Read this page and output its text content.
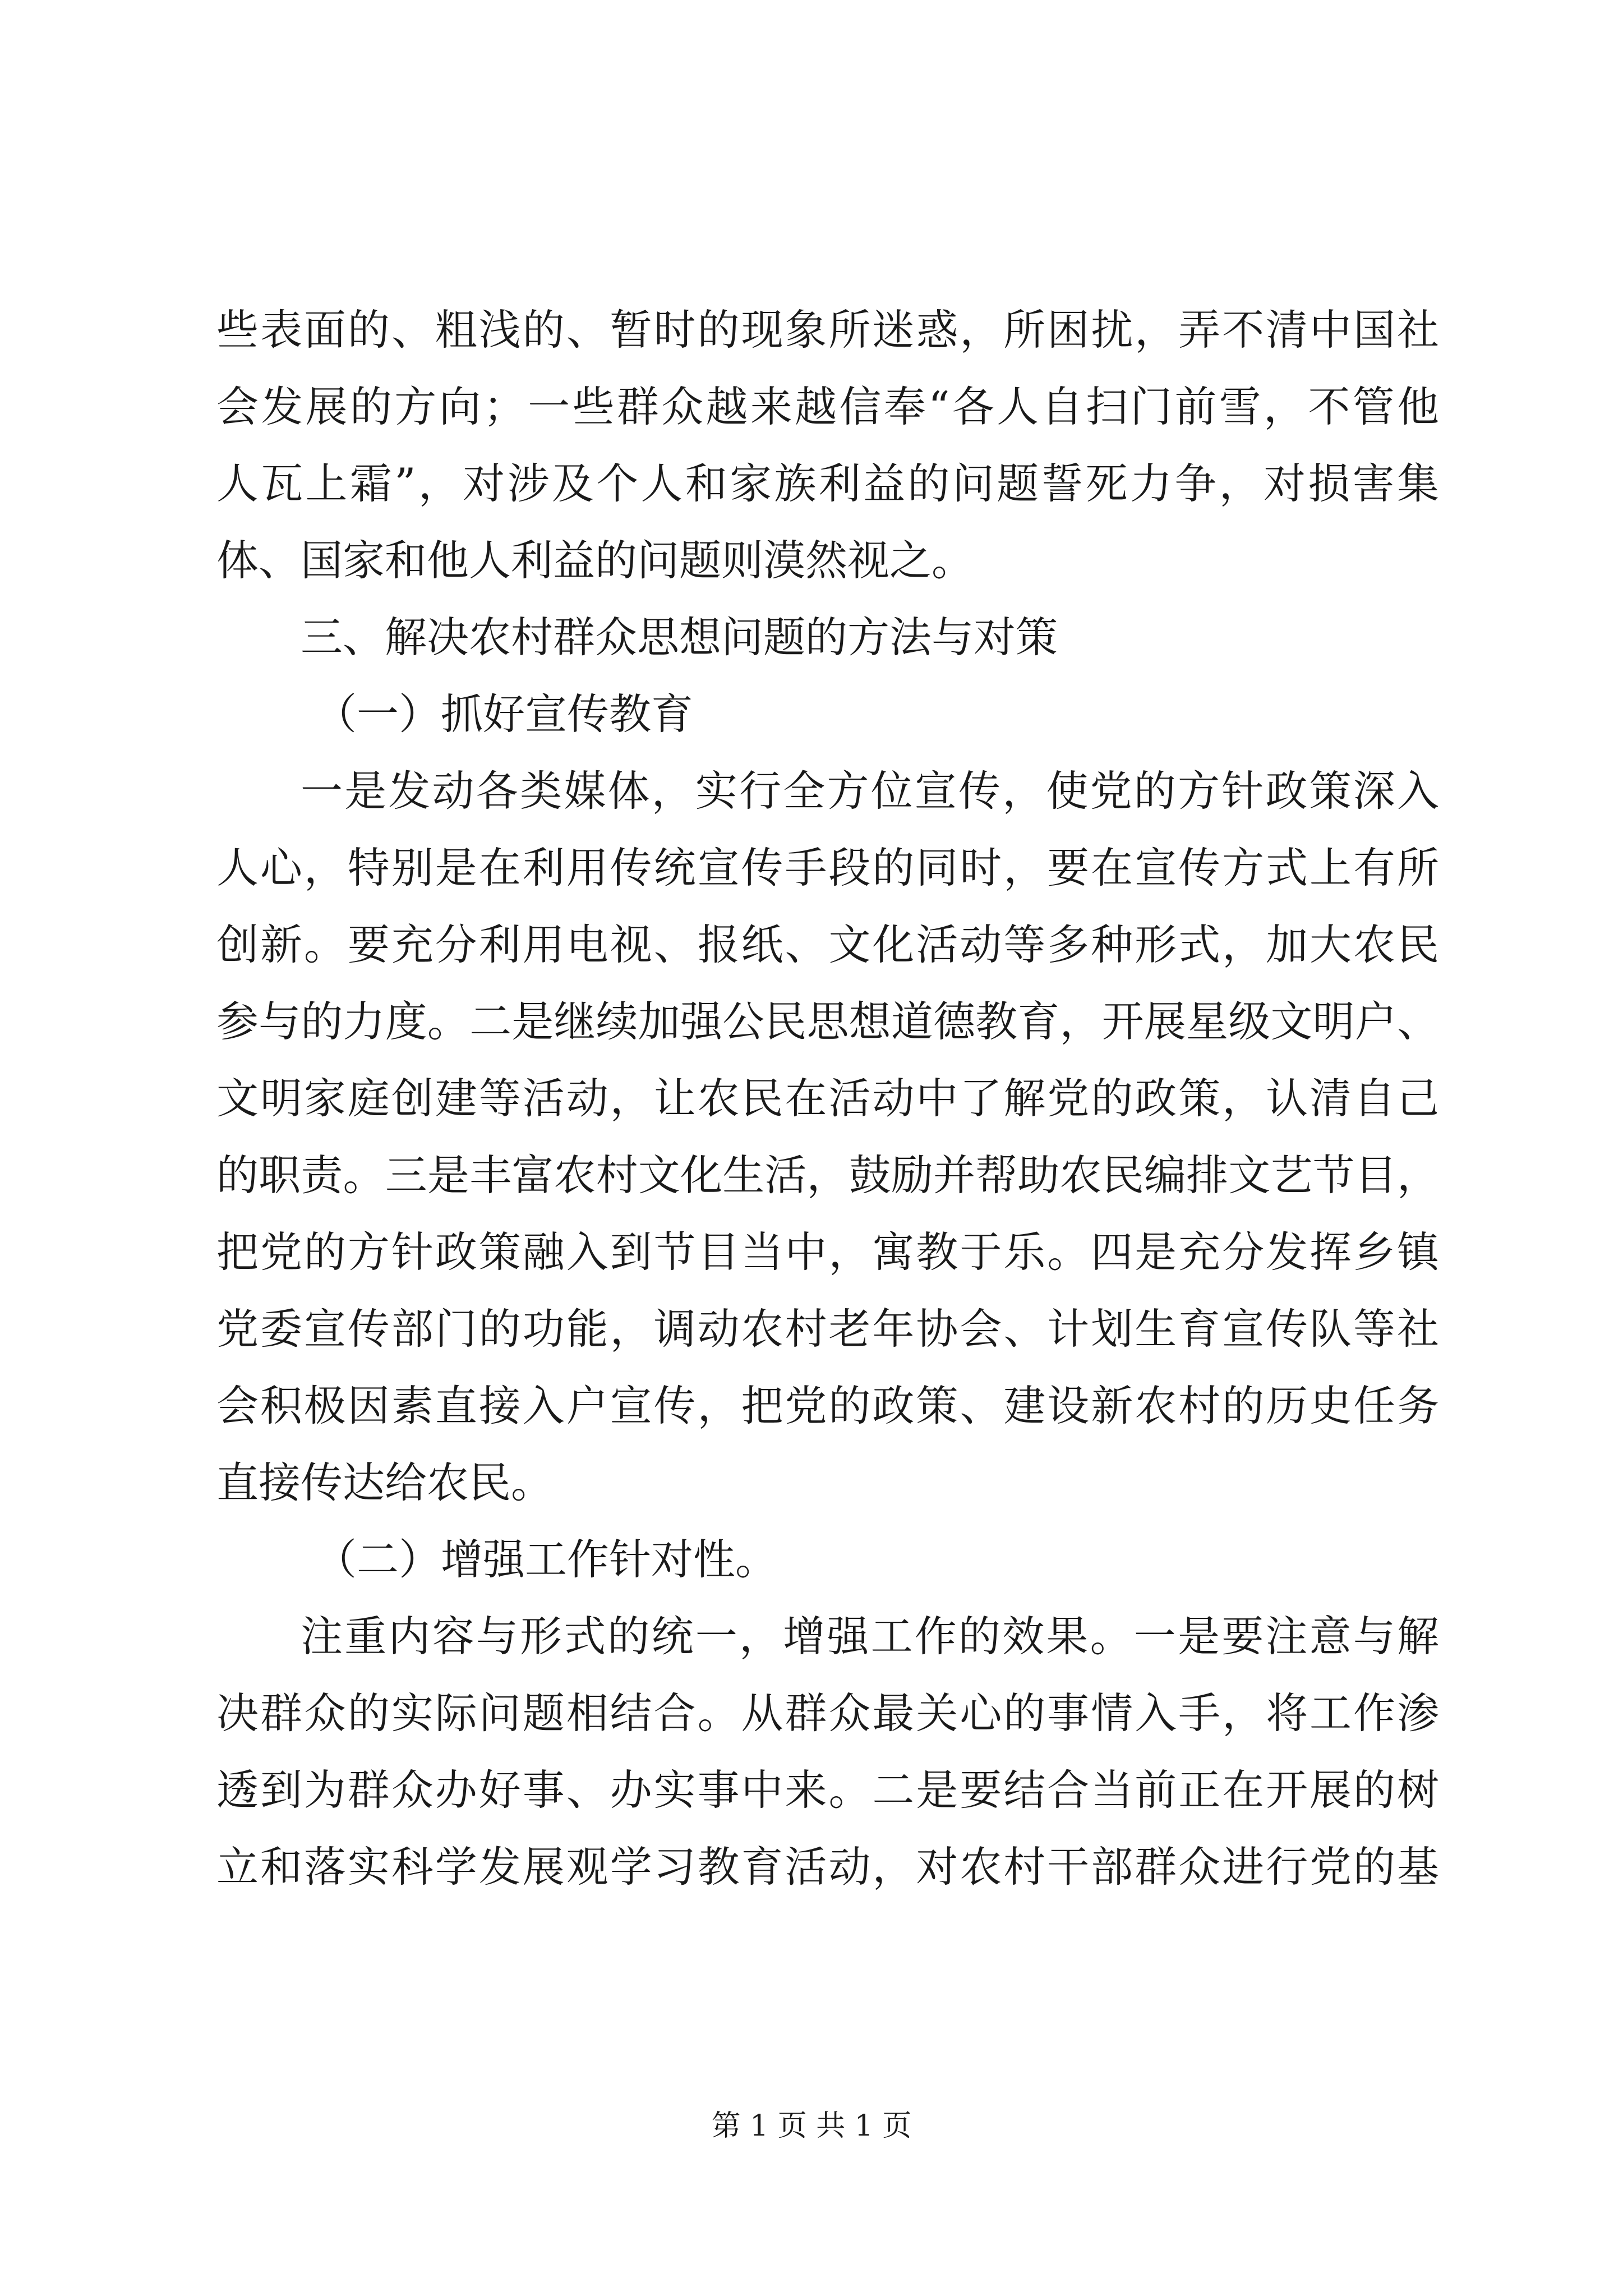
些表面的、粗浅的、暂时的现象所迷惑，所困扰，弄不清中国社
会发展的方向；一些群众越来越信奉“各人自扫门前雪，不管他
人瓦上霜”，对涉及个人和家族利益的问题誓死力争，对损害集
体、国家和他人利益的问题则漠然视之。

三、解决农村群众思想问题的方法与对策

（一）抓好宣传教育

一是发动各类媒体，实行全方位宣传，使党的方针政策深入
人心，特别是在利用传统宣传手段的同时，要在宣传方式上有所
创新。要充分利用电视、报纸、文化活动等多种形式，加大农民
参与的力度。二是继续加强公民思想道德教育，开展星级文明户、
文明家庭创建等活动，让农民在活动中了解党的政策，认清自己
的职责。三是丰富农村文化生活，鼓励并帮助农民编排文艺节目，
把党的方针政策融入到节目当中，寓教于乐。四是充分发挥乡镇
党委宣传部门的功能，调动农村老年协会、计划生育宣传队等社
会积极因素直接入户宣传，把党的政策、建设新农村的历史任务
直接传达给农民。

（二）增强工作针对性。

注重内容与形式的统一，增强工作的效果。一是要注意与解
决群众的实际问题相结合。从群众最关心的事情入手，将工作渗
透到为群众办好事、办实事中来。二是要结合当前正在开展的树
立和落实科学发展观学习教育活动，对农村干部群众进行党的基

第 1 页 共 1 页
